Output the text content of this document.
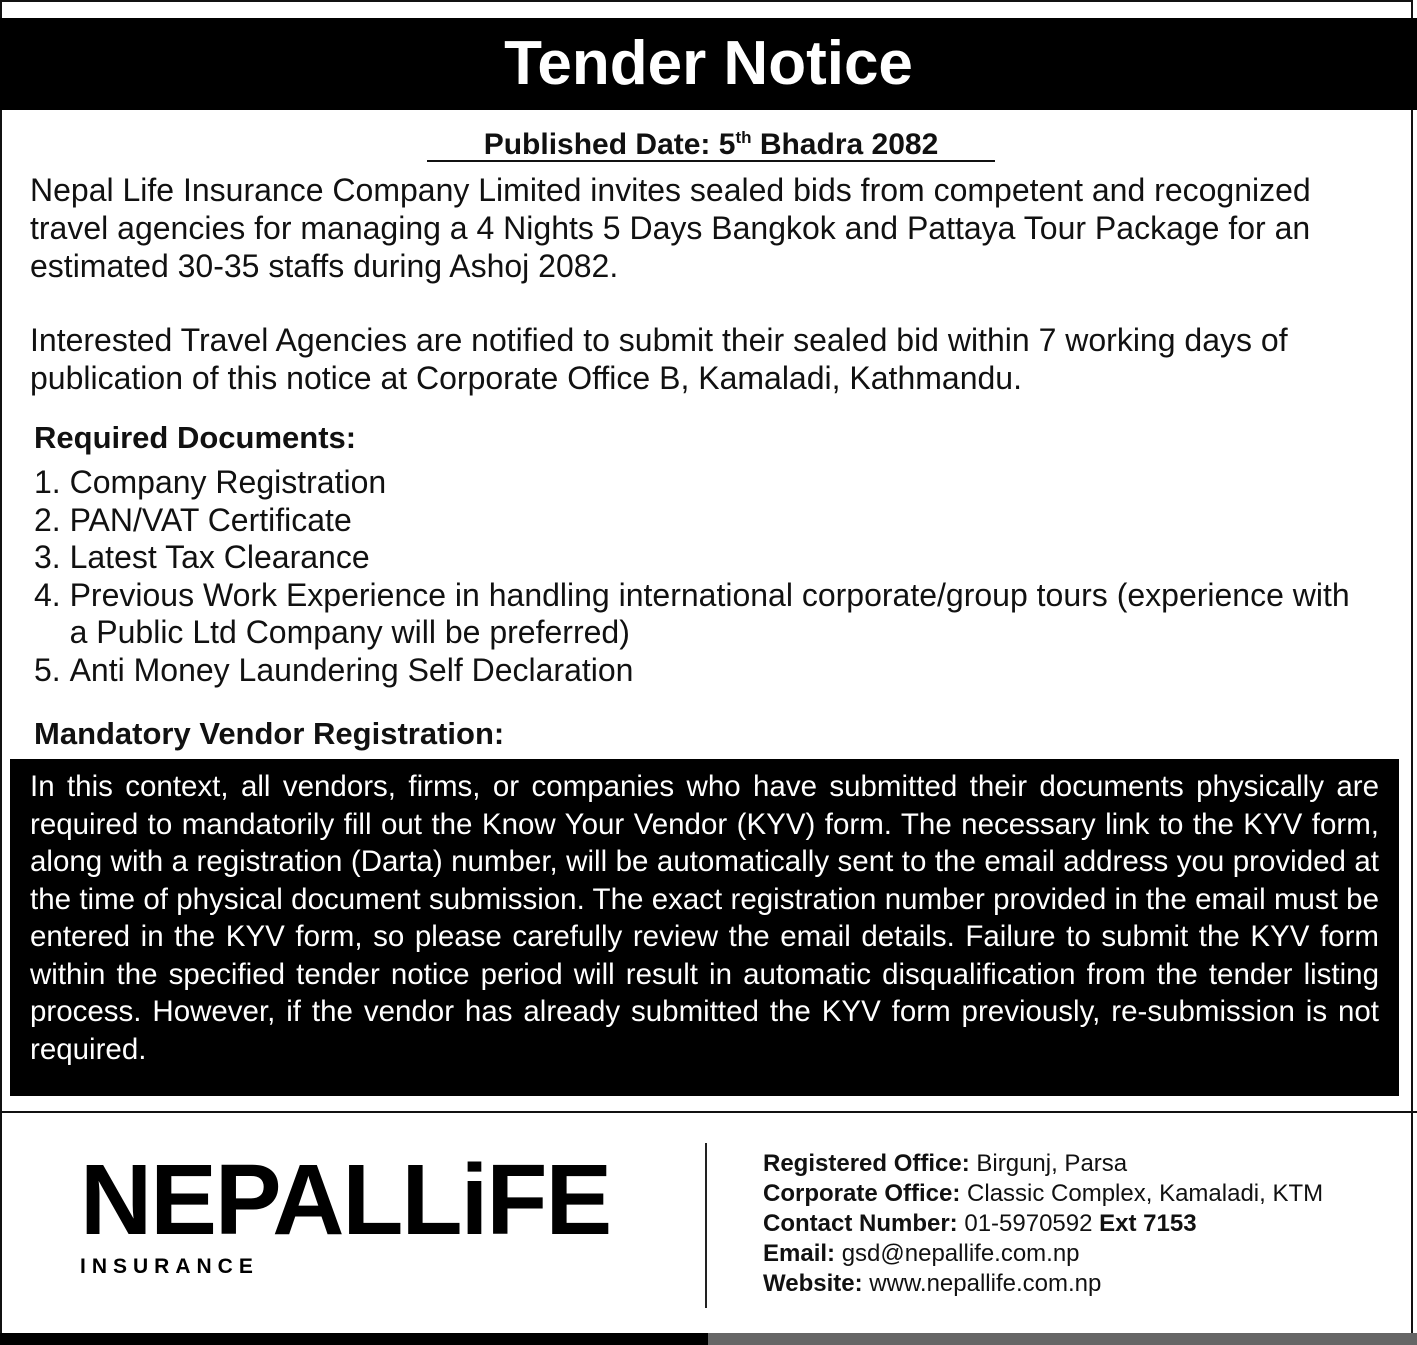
Tender Notice
Published Date: 5th Bhadra 2082

Nepal Life Insurance Company Limited invites sealed bids from competent and recognized travel agencies for managing a 4 Nights 5 Days Bangkok and Pattaya Tour Package for an estimated 30-35 staffs during Ashoj 2082.

Interested Travel Agencies are notified to submit their sealed bid within 7 working days of publication of this notice at Corporate Office B, Kamaladi, Kathmandu.

Required Documents:
1. Company Registration
2. PAN/VAT Certificate
3. Latest Tax Clearance
4. Previous Work Experience in handling international corporate/group tours (experience with a Public Ltd Company will be preferred)
5. Anti Money Laundering Self Declaration
Mandatory Vendor Registration:

In this context, all vendors, firms, or companies who have submitted their documents physically are required to mandatorily fill out the Know Your Vendor (KYV) form. The necessary link to the KYV form, along with a registration (Darta) number, will be automatically sent to the email address you provided at the time of physical document submission. The exact registration number provided in the email must be entered in the KYV form, so please carefully review the email details. Failure to submit the KYV form within the specified tender notice period will result in automatic disqualification from the tender listing process. However, if the vendor has already submitted the KYV form previously, re-submission is not required.

NEPALLiFE
INSURANCE
Registered Office: Birgunj, Parsa
Corporate Office: Classic Complex, Kamaladi, KTM
Contact Number: 01-5970592 Ext 7153
Email: gsd@nepallife.com.np
Website: www.nepallife.com.np
